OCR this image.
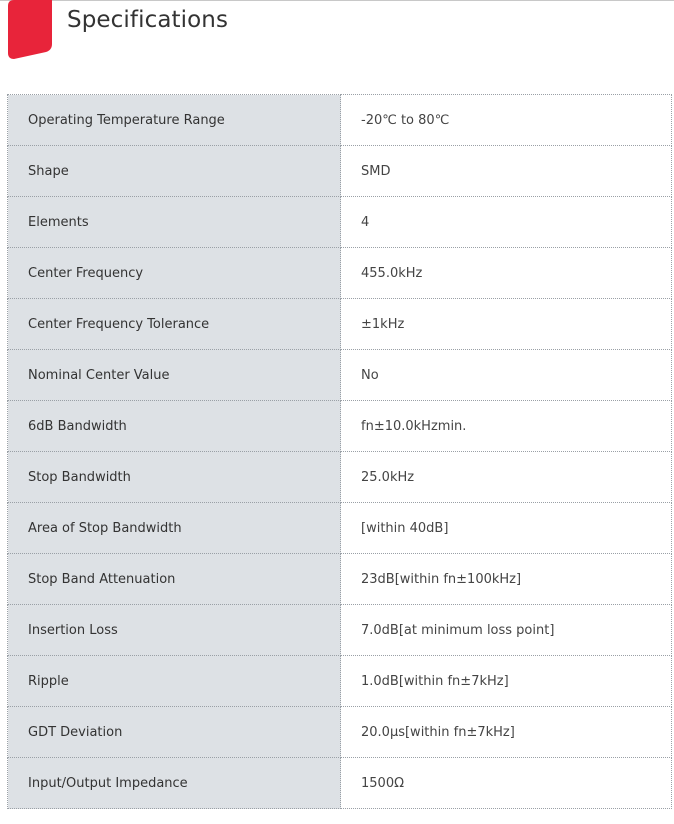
Specifications
Operating Temperature Range	-20℃ to 80℃
Shape	SMD
Elements	4
Center Frequency	455.0kHz
Center Frequency Tolerance	±1kHz
Nominal Center Value	No
6dB Bandwidth	fn±10.0kHzmin.
Stop Bandwidth	25.0kHz
Area of Stop Bandwidth	[within 40dB]
Stop Band Attenuation	23dB[within fn±100kHz]
Insertion Loss	7.0dB[at minimum loss point]
Ripple	1.0dB[within fn±7kHz]
GDT Deviation	20.0μs[within fn±7kHz]
Input/Output Impedance	1500Ω
